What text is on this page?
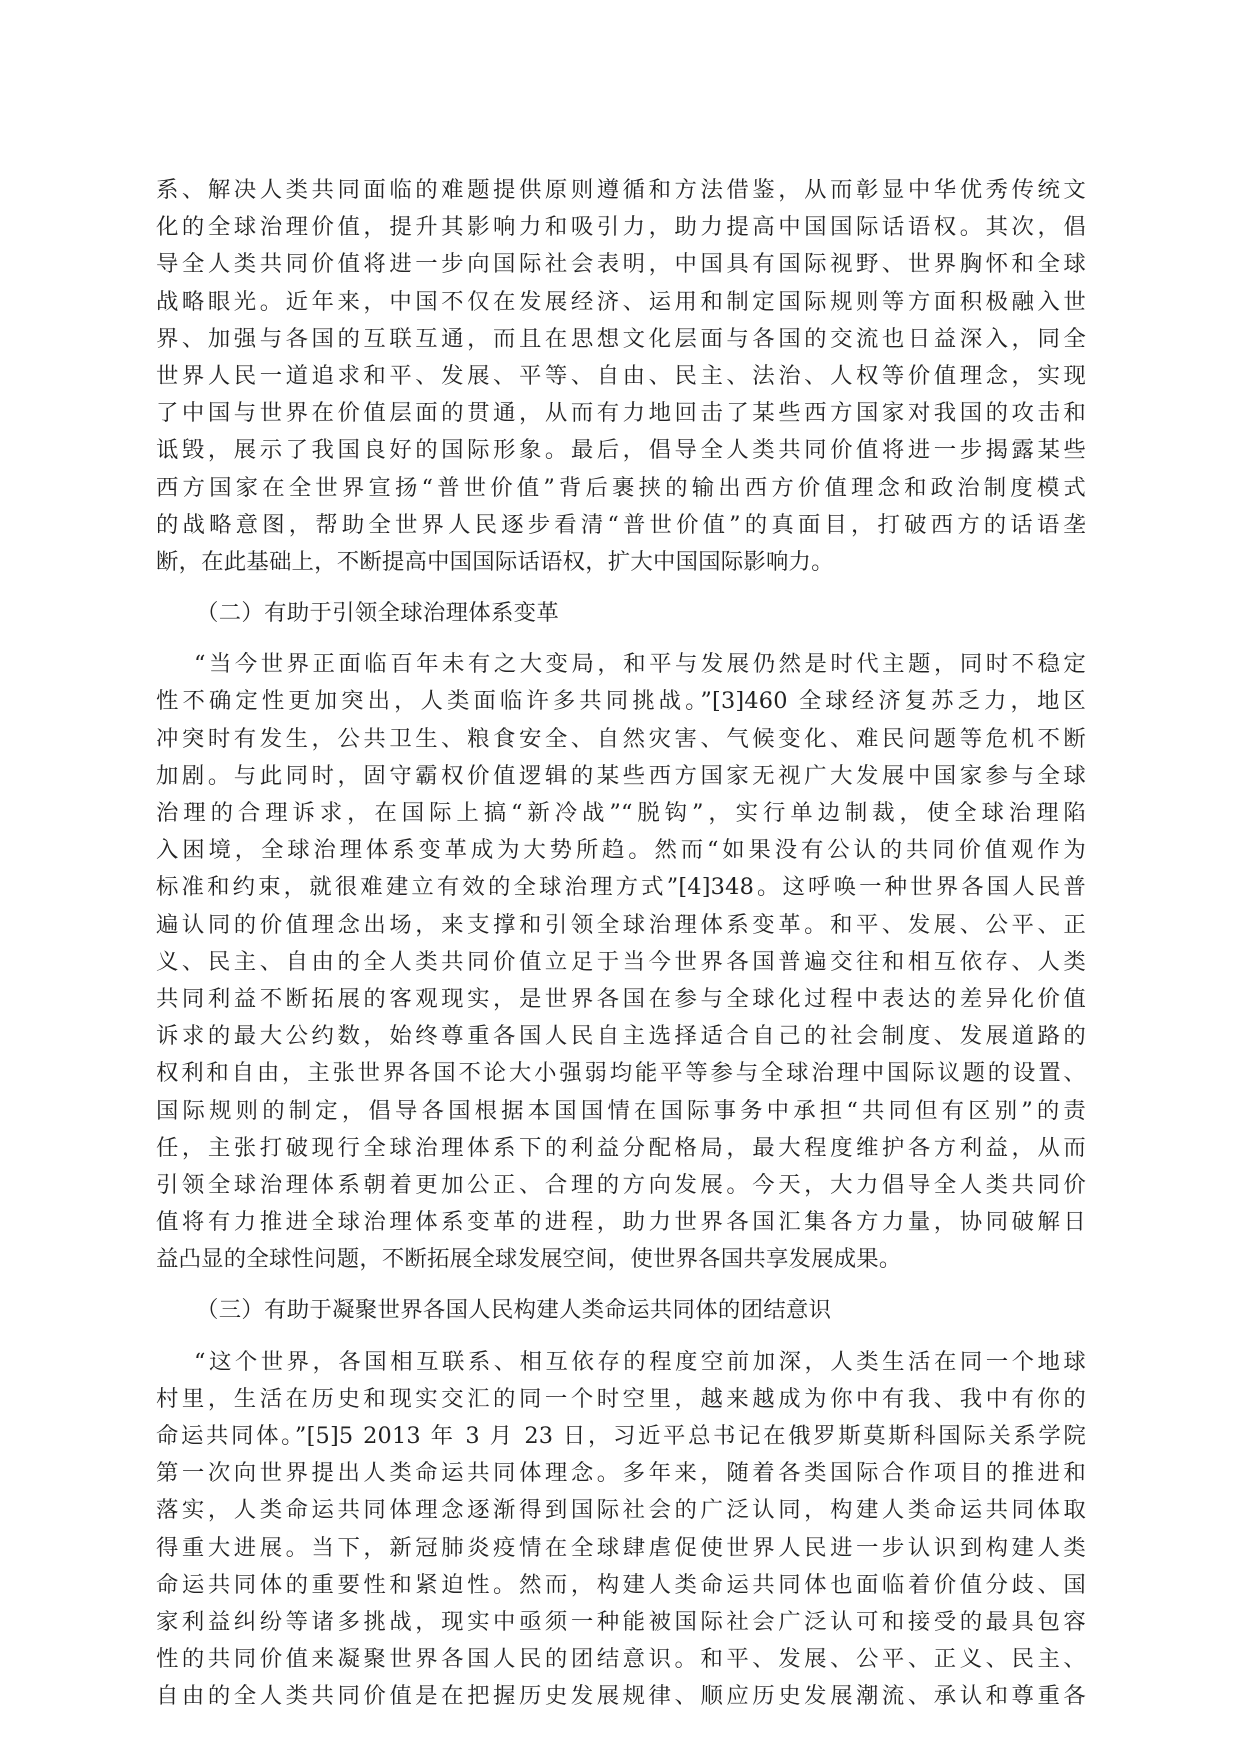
系、解决人类共同面临的难题提供原则遵循和方法借鉴，从而彰显中华优秀传统文
化的全球治理价值，提升其影响力和吸引力，助力提高中国国际话语权。其次，倡
导全人类共同价值将进一步向国际社会表明，中国具有国际视野、世界胸怀和全球
战略眼光。近年来，中国不仅在发展经济、运用和制定国际规则等方面积极融入世
界、加强与各国的互联互通，而且在思想文化层面与各国的交流也日益深入，同全
世界人民一道追求和平、发展、平等、自由、民主、法治、人权等价值理念，实现
了中国与世界在价值层面的贯通，从而有力地回击了某些西方国家对我国的攻击和
诋毁，展示了我国良好的国际形象。最后，倡导全人类共同价值将进一步揭露某些
西方国家在全世界宣扬“普世价值”背后裹挟的输出西方价值理念和政治制度模式
的战略意图，帮助全世界人民逐步看清“普世价值”的真面目，打破西方的话语垄
断，在此基础上，不断提高中国国际话语权，扩大中国国际影响力。
（二）有助于引领全球治理体系变革
“当今世界正面临百年未有之大变局，和平与发展仍然是时代主题，同时不稳定
性不确定性更加突出，人类面临许多共同挑战。”[3]460 全球经济复苏乏力，地区
冲突时有发生，公共卫生、粮食安全、自然灾害、气候变化、难民问题等危机不断
加剧。与此同时，固守霸权价值逻辑的某些西方国家无视广大发展中国家参与全球
治理的合理诉求，在国际上搞“新冷战”“脱钩”，实行单边制裁，使全球治理陷
入困境，全球治理体系变革成为大势所趋。然而“如果没有公认的共同价值观作为
标准和约束，就很难建立有效的全球治理方式”[4]348。这呼唤一种世界各国人民普
遍认同的价值理念出场，来支撑和引领全球治理体系变革。和平、发展、公平、正
义、民主、自由的全人类共同价值立足于当今世界各国普遍交往和相互依存、人类
共同利益不断拓展的客观现实，是世界各国在参与全球化过程中表达的差异化价值
诉求的最大公约数，始终尊重各国人民自主选择适合自己的社会制度、发展道路的
权利和自由，主张世界各国不论大小强弱均能平等参与全球治理中国际议题的设置、
国际规则的制定，倡导各国根据本国国情在国际事务中承担“共同但有区别”的责
任，主张打破现行全球治理体系下的利益分配格局，最大程度维护各方利益，从而
引领全球治理体系朝着更加公正、合理的方向发展。今天，大力倡导全人类共同价
值将有力推进全球治理体系变革的进程，助力世界各国汇集各方力量，协同破解日
益凸显的全球性问题，不断拓展全球发展空间，使世界各国共享发展成果。
（三）有助于凝聚世界各国人民构建人类命运共同体的团结意识
“这个世界，各国相互联系、相互依存的程度空前加深，人类生活在同一个地球
村里，生活在历史和现实交汇的同一个时空里，越来越成为你中有我、我中有你的
命运共同体。”[5]5 2013 年 3 月 23 日，习近平总书记在俄罗斯莫斯科国际关系学院
第一次向世界提出人类命运共同体理念。多年来，随着各类国际合作项目的推进和
落实，人类命运共同体理念逐渐得到国际社会的广泛认同，构建人类命运共同体取
得重大进展。当下，新冠肺炎疫情在全球肆虐促使世界人民进一步认识到构建人类
命运共同体的重要性和紧迫性。然而，构建人类命运共同体也面临着价值分歧、国
家利益纠纷等诸多挑战，现实中亟须一种能被国际社会广泛认可和接受的最具包容
性的共同价值来凝聚世界各国人民的团结意识。和平、发展、公平、正义、民主、
自由的全人类共同价值是在把握历史发展规律、顺应历史发展潮流、承认和尊重各
